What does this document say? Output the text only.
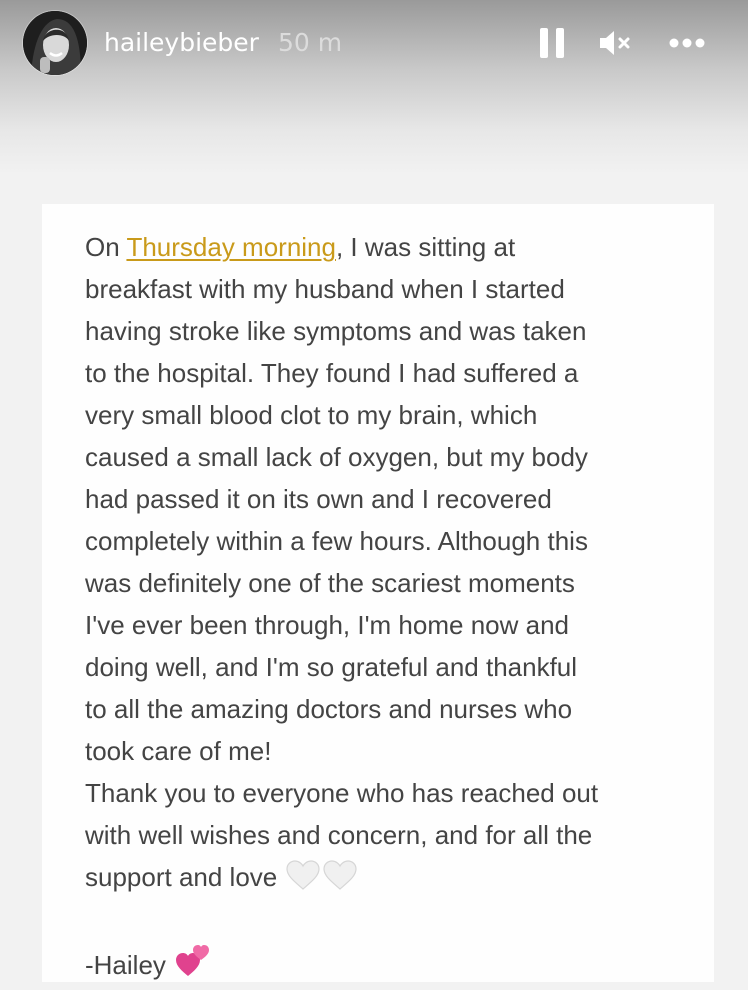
haileybieber 50 m
On Thursday morning, I was sitting at
breakfast with my husband when I started
having stroke like symptoms and was taken
to the hospital. They found I had suffered a
very small blood clot to my brain, which
caused a small lack of oxygen, but my body
had passed it on its own and I recovered
completely within a few hours. Although this
was definitely one of the scariest moments
I've ever been through, I'm home now and
doing well, and I'm so grateful and thankful
to all the amazing doctors and nurses who
took care of me!
Thank you to everyone who has reached out
with well wishes and concern, and for all the
support and love
-Hailey
